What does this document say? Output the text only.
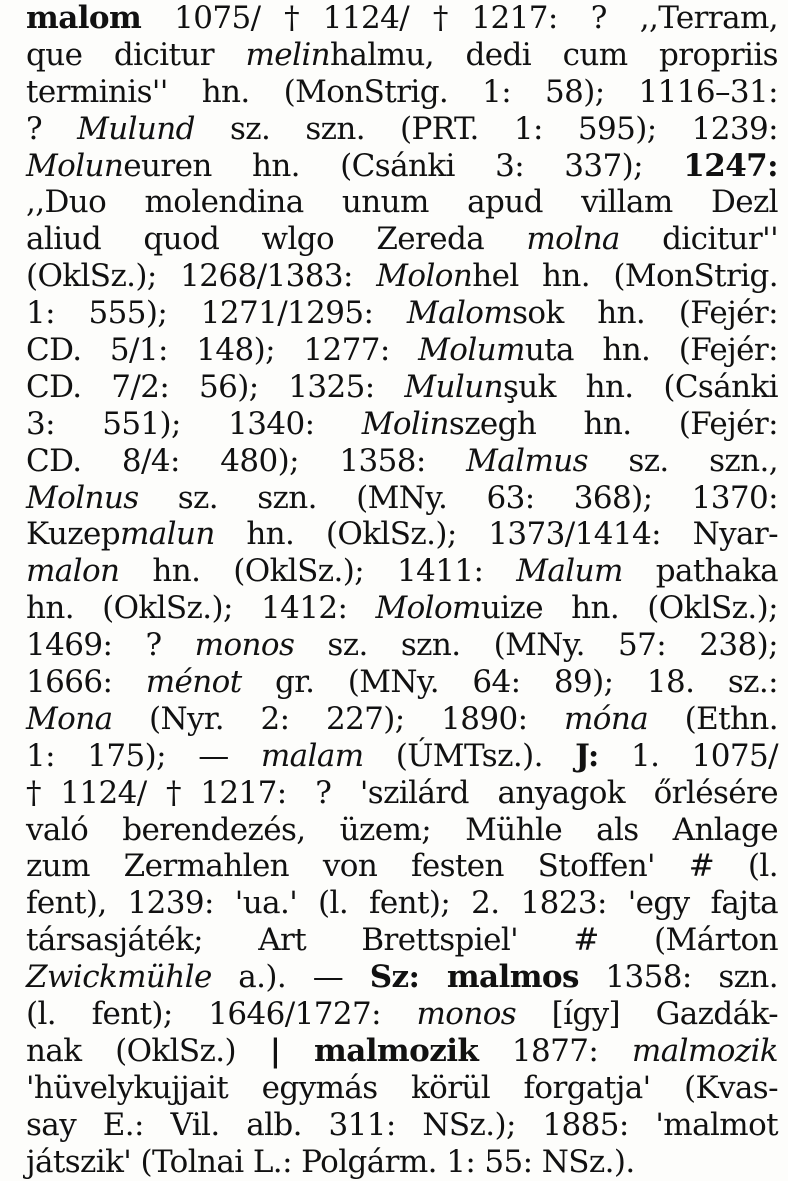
malom 1075/†1124/†1217: ? ,,Terram,
que dicitur melinhalmu, dedi cum propriis
terminis'' hn. (MonStrig. 1: 58); 1116–31:
? Mulund sz. szn. (PRT. 1: 595); 1239:
Moluneuren hn. (Csánki 3: 337); 1247:
,,Duo molendina unum apud villam Dezl
aliud quod wlgo Zereda molna dicitur''
(OklSz.); 1268/1383: Molonhel hn. (MonStrig.
1: 555); 1271/1295: Malomsok hn. (Fejér:
CD. 5/1: 148); 1277: Molumuta hn. (Fejér:
CD. 7/2: 56); 1325: Mulunşuk hn. (Csánki
3: 551); 1340: Molinszegh hn. (Fejér:
CD. 8/4: 480); 1358: Malmus sz. szn.,
Molnus sz. szn. (MNy. 63: 368); 1370:
Kuzepmalun hn. (OklSz.); 1373/1414: Nyar-
malon hn. (OklSz.); 1411: Malum pathaka
hn. (OklSz.); 1412: Molomuize hn. (OklSz.);
1469: ? monos sz. szn. (MNy. 57: 238);
1666: ménot gr. (MNy. 64: 89); 18. sz.:
Mona (Nyr. 2: 227); 1890: móna (Ethn.
1: 175); — malam (ÚMTsz.). J: 1. 1075/
†1124/†1217: ? 'szilárd anyagok őrlésére
való berendezés, üzem; Mühle als Anlage
zum Zermahlen von festen Stoffen' # (l.
fent), 1239: 'ua.' (l. fent); 2. 1823: 'egy fajta
társasjáték; Art Brettspiel' # (Márton
Zwickmühle a.). — Sz: malmos 1358: szn.
(l. fent); 1646/1727: monos [így] Gazdák-
nak (OklSz.) | malmozik 1877: malmozik
'hüvelykujjait egymás körül forgatja' (Kvas-
say E.: Vil. alb. 311: NSz.); 1885: 'malmot
játszik' (Tolnai L.: Polgárm. 1: 55: NSz.).
